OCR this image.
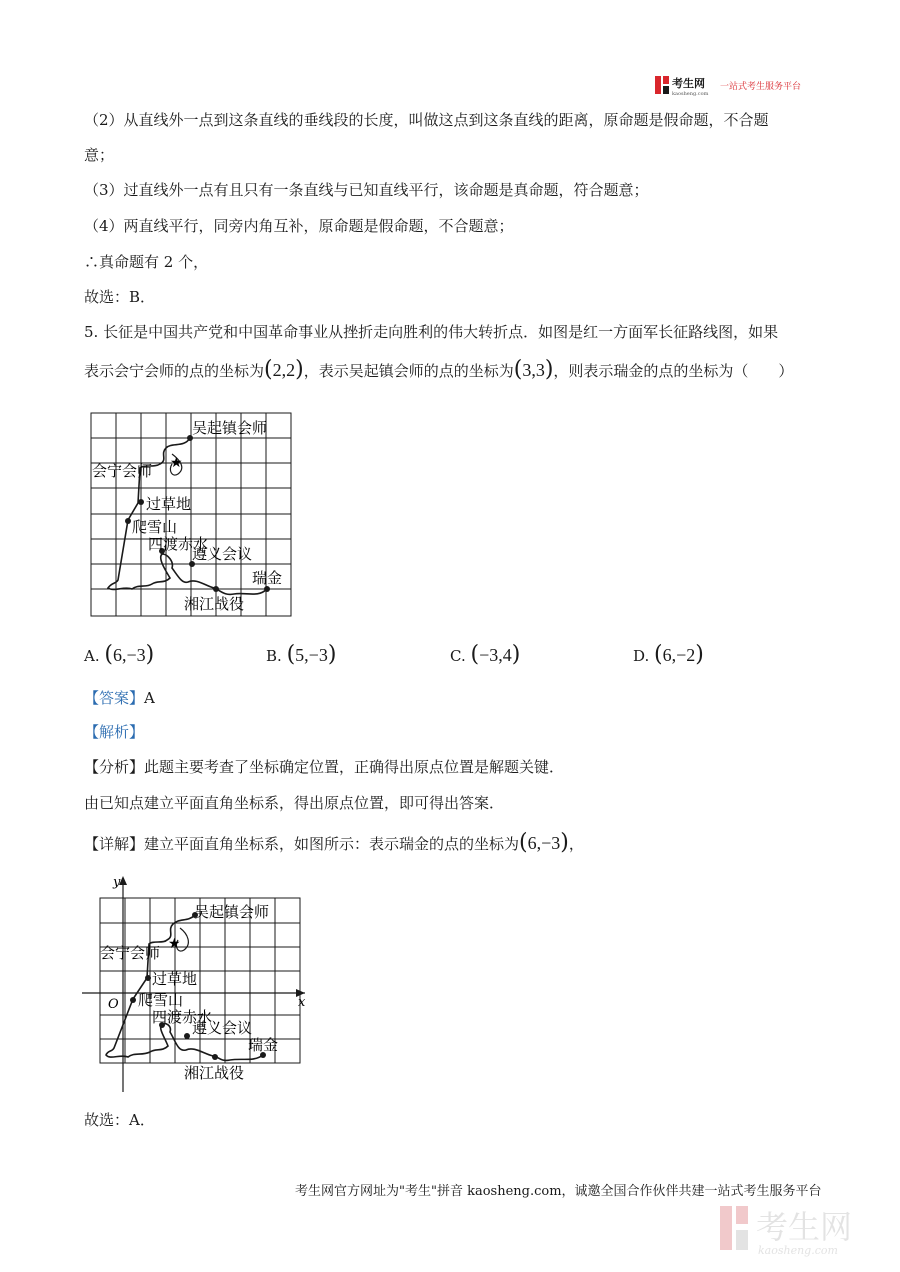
考生网
kaosheng.com
一站式考生服务平台
（2）从直线外一点到这条直线的垂线段的长度，叫做这点到这条直线的距离，原命题是假命题，不合题
意；
（3）过直线外一点有且只有一条直线与已知直线平行，该命题是真命题，符合题意；
（4）两直线平行，同旁内角互补，原命题是假命题，不合题意；
∴真命题有 2 个，
故选：B．
5. 长征是中国共产党和中国革命事业从挫折走向胜利的伟大转折点．如图是红一方面军长征路线图，如果
表示会宁会师的点的坐标为(2,2)，表示吴起镇会师的点的坐标为(3,3)，则表示瑞金的点的坐标为（　　）
★
吴起镇会师
会宁会师
过草地
爬雪山
四渡赤水
遵义会议
瑞金
湘江战役
A. (6,−3)	B. (5,−3)	C. (−3,4)	D. (6,−2)
【答案】A
【解析】
【分析】此题主要考查了坐标确定位置，正确得出原点位置是解题关键．
由已知点建立平面直角坐标系，得出原点位置，即可得出答案．
【详解】建立平面直角坐标系，如图所示：表示瑞金的点的坐标为(6,−3)，
x
y
O
★
吴起镇会师
会宁会师
过草地
爬雪山
四渡赤水
遵义会议
瑞金
湘江战役
故选：A．
考生网官方网址为"考生"拼音 kaosheng.com，诚邀全国合作伙伴共建一站式考生服务平台
考生网
kaosheng.com
